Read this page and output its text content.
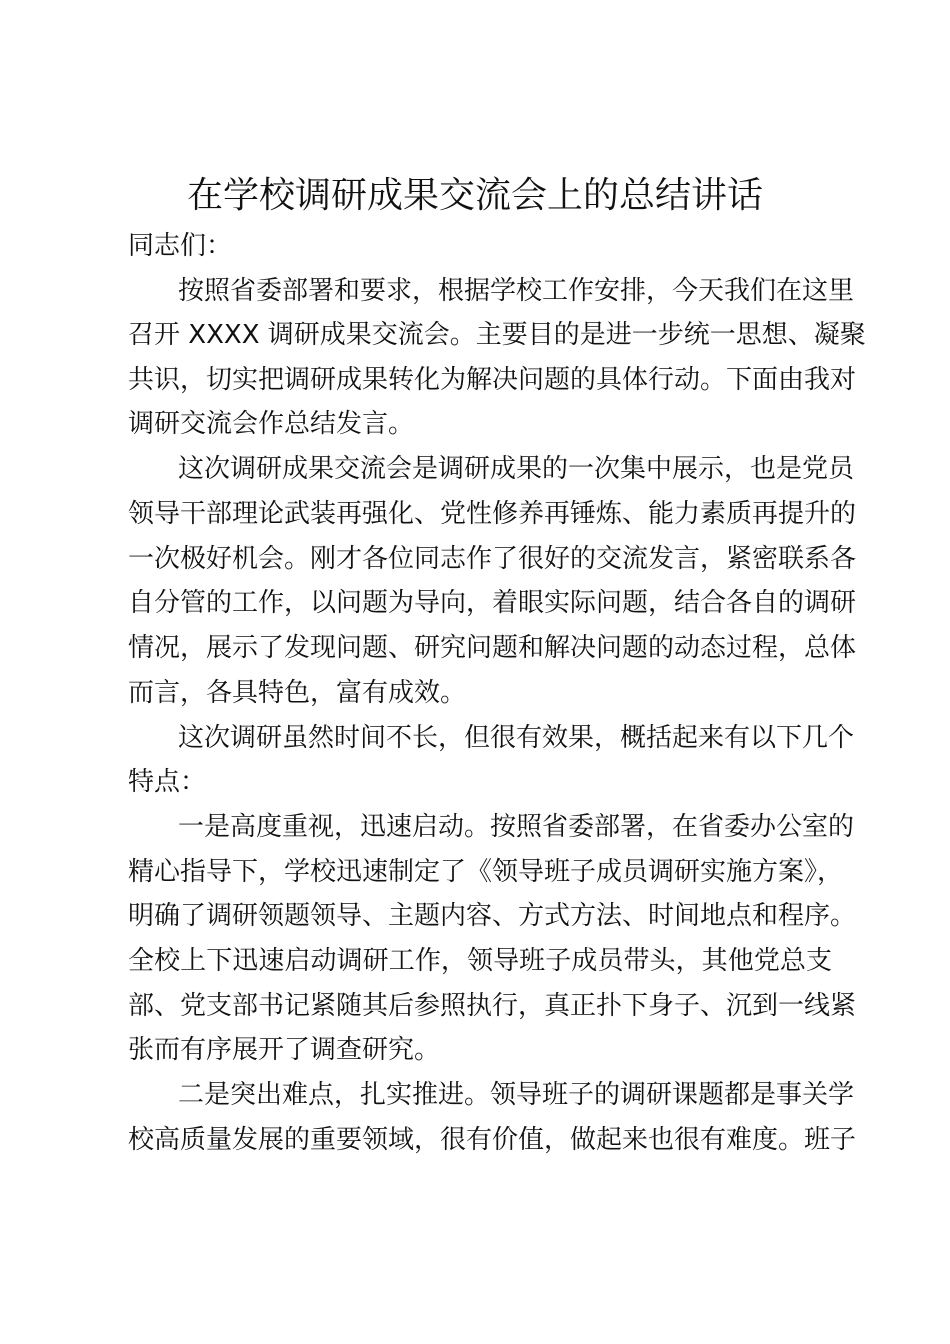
在学校调研成果交流会上的总结讲话

同志们：

按照省委部署和要求，根据学校工作安排，今天我们在这里

召开 XXXX 调研成果交流会。主要目的是进一步统一思想、凝聚

共识，切实把调研成果转化为解决问题的具体行动。下面由我对

调研交流会作总结发言。

这次调研成果交流会是调研成果的一次集中展示，也是党员

领导干部理论武装再强化、党性修养再锤炼、能力素质再提升的

一次极好机会。刚才各位同志作了很好的交流发言，紧密联系各

自分管的工作，以问题为导向，着眼实际问题，结合各自的调研

情况，展示了发现问题、研究问题和解决问题的动态过程，总体

而言，各具特色，富有成效。

这次调研虽然时间不长，但很有效果，概括起来有以下几个

特点：

一是高度重视，迅速启动。按照省委部署，在省委办公室的

精心指导下，学校迅速制定了《领导班子成员调研实施方案》，

明确了调研领题领导、主题内容、方式方法、时间地点和程序。

全校上下迅速启动调研工作，领导班子成员带头，其他党总支

部、党支部书记紧随其后参照执行，真正扑下身子、沉到一线紧

张而有序展开了调查研究。

二是突出难点，扎实推进。领导班子的调研课题都是事关学

校高质量发展的重要领域，很有价值，做起来也很有难度。班子
